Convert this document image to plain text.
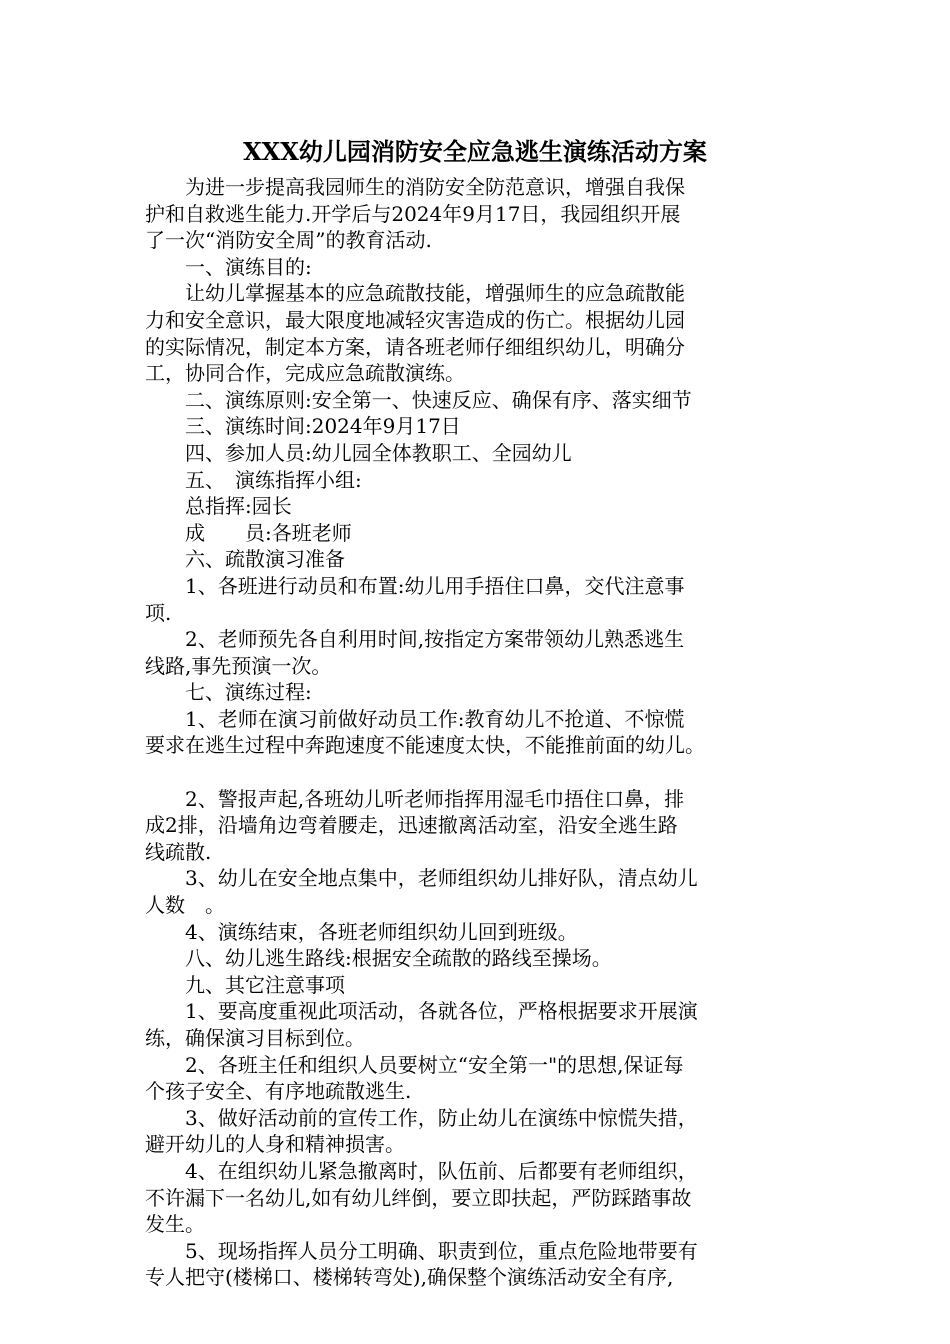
XXX幼儿园消防安全应急逃生演练活动方案
　　为进一步提高我园师生的消防安全防范意识，增强自我保
护和自救逃生能力.开学后与2024年9月17日，我园组织开展
了一次“消防安全周”的教育活动.
　　一、演练目的:
　　让幼儿掌握基本的应急疏散技能，增强师生的应急疏散能
力和安全意识，最大限度地减轻灾害造成的伤亡。根据幼儿园
的实际情况，制定本方案，请各班老师仔细组织幼儿，明确分
工，协同合作，完成应急疏散演练。
　　二、演练原则:安全第一、快速反应、确保有序、落实细节
　　三、演练时间:2024年9月17日
　　四、参加人员:幼儿园全体教职工、全园幼儿
　　五、　演练指挥小组:
　　总指挥:园长
　　成　　员:各班老师
　　六、疏散演习准备
　　1、各班进行动员和布置:幼儿用手捂住口鼻，交代注意事
项.
　　2、老师预先各自利用时间,按指定方案带领幼儿熟悉逃生
线路,事先预演一次。
　　七、演练过程:
　　1、老师在演习前做好动员工作:教育幼儿不抢道、不惊慌
要求在逃生过程中奔跑速度不能速度太快，不能推前面的幼儿。
　　2、警报声起,各班幼儿听老师指挥用湿毛巾捂住口鼻，排
成2排，沿墙角边弯着腰走，迅速撤离活动室，沿安全逃生路
线疏散.
　　3、幼儿在安全地点集中，老师组织幼儿排好队，清点幼儿
人数　。
　　4、演练结束，各班老师组织幼儿回到班级。
　　八、幼儿逃生路线:根据安全疏散的路线至操场。
　　九、其它注意事项
　　1、要高度重视此项活动，各就各位，严格根据要求开展演
练，确保演习目标到位。
　　2、各班主任和组织人员要树立“安全第一"的思想,保证每
个孩子安全、有序地疏散逃生.
　　3、做好活动前的宣传工作，防止幼儿在演练中惊慌失措，
避开幼儿的人身和精神损害。
　　4、在组织幼儿紧急撤离时，队伍前、后都要有老师组织，
不许漏下一名幼儿,如有幼儿绊倒，要立即扶起，严防踩踏事故
发生。
　　5、现场指挥人员分工明确、职责到位，重点危险地带要有
专人把守(楼梯口、楼梯转弯处),确保整个演练活动安全有序,
